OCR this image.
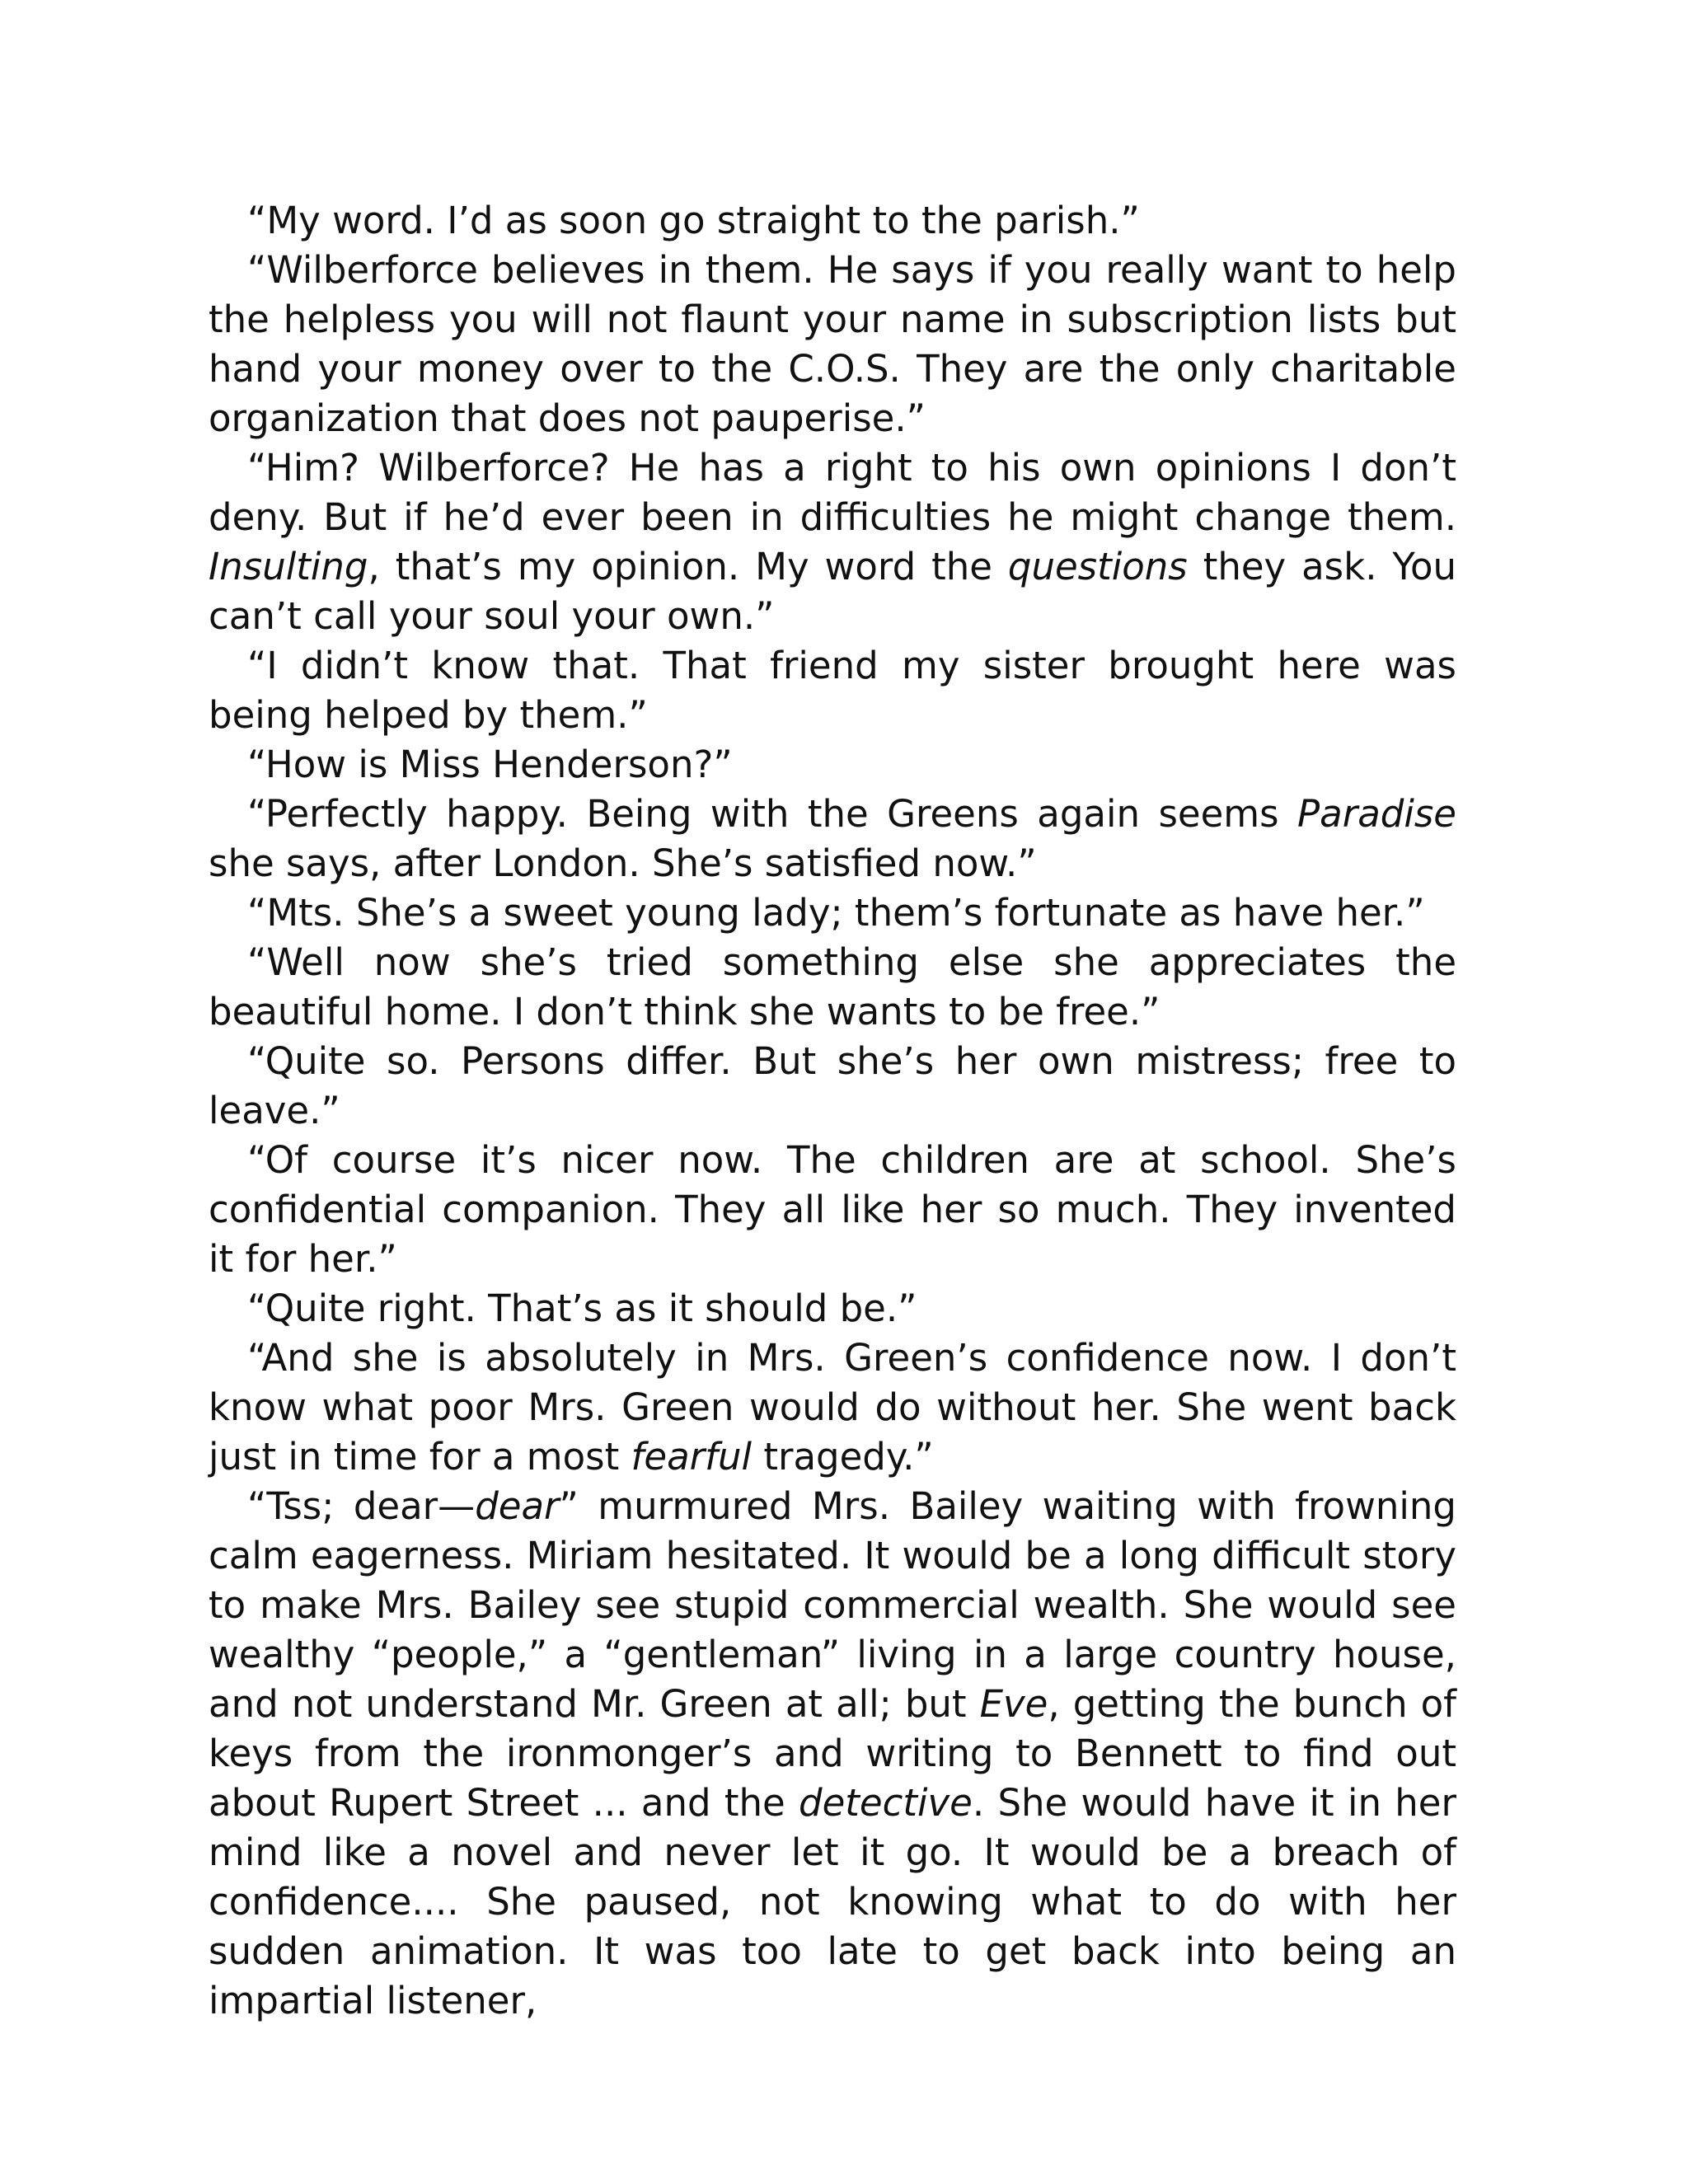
“My word. I’d as soon go straight to the parish.”

“Wilberforce believes in them. He says if you really want to help the helpless you will not flaunt your name in subscription lists but hand your money over to the C.O.S. They are the only charitable organization that does not pauperise.”

“Him? Wilberforce? He has a right to his own opinions I don’t deny. But if he’d ever been in difficulties he might change them. Insulting, that’s my opinion. My word the questions they ask. You can’t call your soul your own.”

“I didn’t know that. That friend my sister brought here was being helped by them.”

“How is Miss Henderson?”

“Perfectly happy. Being with the Greens again seems Paradise she says, after London. She’s satisfied now.”

“Mts. She’s a sweet young lady; them’s fortunate as have her.”

“Well now she’s tried something else she appreciates the beautiful home. I don’t think she wants to be free.”

“Quite so. Persons differ. But she’s her own mistress; free to leave.”

“Of course it’s nicer now. The children are at school. She’s confidential companion. They all like her so much. They invented it for her.”

“Quite right. That’s as it should be.”

“And she is absolutely in Mrs. Green’s confidence now. I don’t know what poor Mrs. Green would do without her. She went back just in time for a most fearful tragedy.”

“Tss; dear—dear” murmured Mrs. Bailey waiting with frowning calm eagerness. Miriam hesitated. It would be a long difficult story to make Mrs. Bailey see stupid commercial wealth. She would see wealthy “people,” a “gentleman” living in a large country house, and not understand Mr. Green at all; but Eve, getting the bunch of keys from the ironmonger’s and writing to Bennett to find out about Rupert Street ... and the detective. She would have it in her mind like a novel and never let it go. It would be a breach of confidence.... She paused, not knowing what to do with her sudden animation. It was too late to get back into being an impartial listener,
